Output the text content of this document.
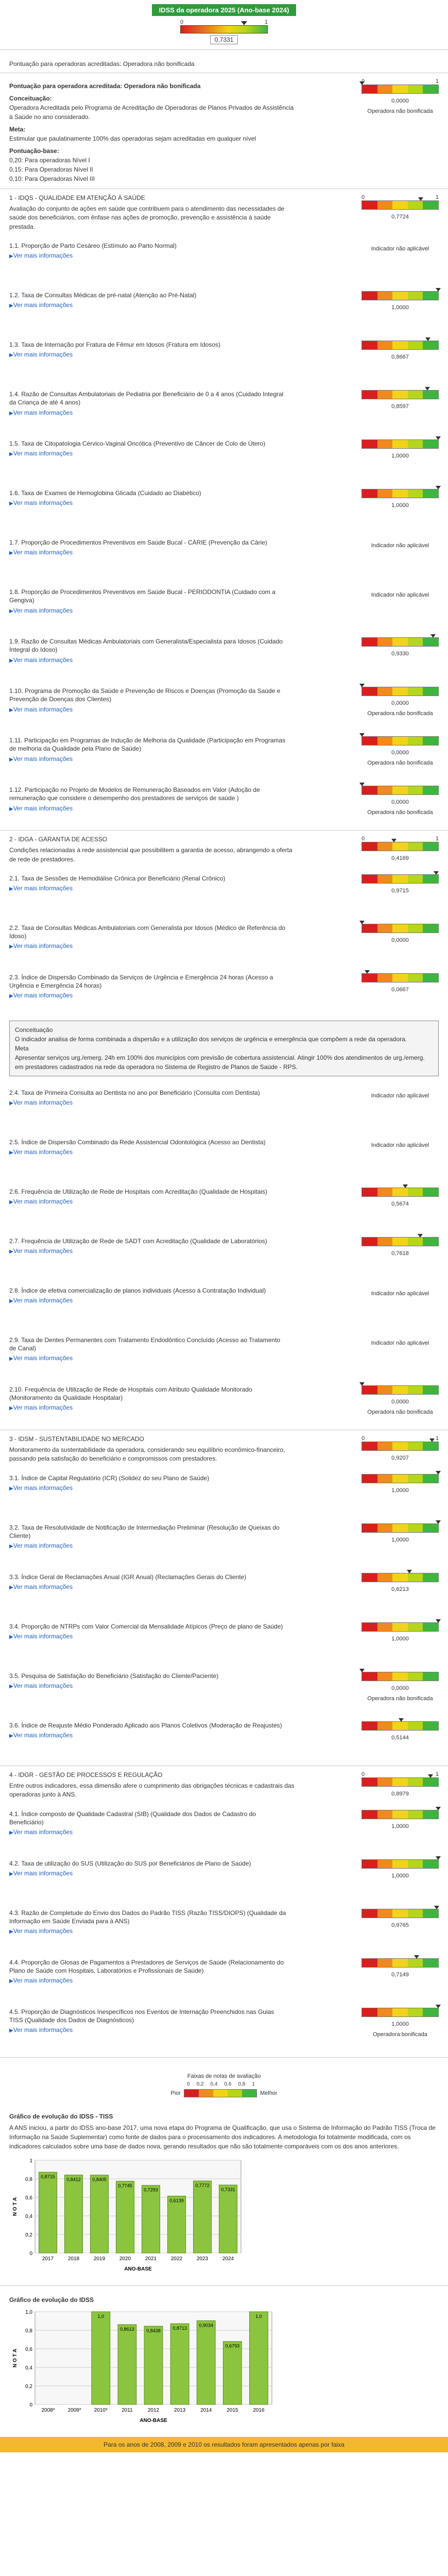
IDSS da operadora 2025 (Ano-base 2024)
0	1
0,7331
Pontuação para operadoras acreditadas: Operadora não bonificada
Pontuação para operadora acreditada: Operadora não bonificada
Conceituação:
Operadora Acreditada pelo Programa de Acreditação de Operadoras de Planos Privados de Assistência à Saúde no ano considerado.
Meta:
Estimular que paulatinamente 100% das operadoras sejam acreditadas em qualquer nível
Pontuação-base:
0,20: Para operadoras Nível I
0,15: Para Operadoras Nível II
0,10: Para Operadoras Nível III
0	1
0,0000
Operadora não bonificada
1 - IDQS - QUALIDADE EM ATENÇÃO À SAÚDE
Avaliação do conjunto de ações em saúde que contribuem para o atendimento das necessidades de saúde dos beneficiários, com ênfase nas ações de promoção, prevenção e assistência à saúde prestada.
0	1
0,7724
1.1. Proporção de Parto Cesáreo (Estímulo ao Parto Normal)
▶ Ver mais informações
Indicador não aplicável
1.2. Taxa de Consultas Médicas de pré-natal (Atenção ao Pré-Natal)
▶ Ver mais informações	1,0000
1.3. Taxa de Internação por Fratura de Fêmur em Idosos (Fratura em Idosos)
▶ Ver mais informações	0,8667
1.4. Razão de Consultas Ambulatoriais de Pediatria por Beneficiário de 0 a 4 anos (Cuidado Integral da Criança de até 4 anos)
▶ Ver mais informações
0,8597
1.5. Taxa de Citopatologia Cérvico-Vaginal Oncótica (Preventivo de Câncer de Colo de Útero)
▶ Ver mais informações	1,0000
1.6. Taxa de Exames de Hemoglobina Glicada (Cuidado ao Diabético)
▶ Ver mais informações	1,0000
1.7. Proporção de Procedimentos Preventivos em Saúde Bucal - CÁRIE (Prevenção da Cárie)
▶ Ver mais informações
Indicador não aplicável
1.8. Proporção de Procedimentos Preventivos em Saúde Bucal - PERIODONTIA (Cuidado com a Gengiva)
▶ Ver mais informações
Indicador não aplicável
1.9. Razão de Consultas Médicas Ambulatoriais com Generalista/Especialista para Idosos (Cuidado Integral do Idoso)
▶ Ver mais informações
0,9330
1.10. Programa de Promoção da Saúde e Prevenção de Riscos e Doenças (Promoção da Saúde e Prevenção de Doenças dos Clientes)
▶ Ver mais informações
0,0000
Operadora não bonificada
1.11. Participação em Programas de Indução de Melhoria da Qualidade (Participação em Programas de melhoria da Qualidade pela Plano de Saúde)
▶ Ver mais informações
0,0000
Operadora não bonificada
1.12. Participação no Projeto de Modelos de Remuneração Baseados em Valor (Adoção de remuneração que considere o desempenho dos prestadores de serviços de saúde )
▶ Ver mais informações
0,0000
Operadora não bonificada
2 - IDGA - GARANTIA DE ACESSO
Condições relacionadas à rede assistencial que possibilitem a garantia de acesso, abrangendo a oferta de rede de prestadores.
0	1
0,4169
2.1. Taxa de Sessões de Hemodiálise Crônica por Beneficiário (Renal Crônico)
▶ Ver mais informações	0,9715
2.2. Taxa de Consultas Médicas Ambulatoriais com Generalista por Idosos (Médico de Referência do Idoso)
▶ Ver mais informações
0,0000
2.3. Índice de Dispersão Combinado da Serviços de Urgência e Emergência 24 horas (Acesso a Urgência e Emergência 24 horas)
▶ Ver mais informações
0,0667
Conceituação
O indicador analisa de forma combinada a dispersão e a utilização dos serviços de urgência e emergência que compõem a rede da operadora.
Meta
Apresentar serviços urg./emerg. 24h em 100% dos municípios com previsão de cobertura assistencial. Atingir 100% dos atendimentos de urg./emerg. em prestadores cadastrados na rede da operadora no Sistema de Registro de Planos de Saúde - RPS.
2.4. Taxa de Primeira Consulta ao Dentista no ano por Beneficiário (Consulta com Dentista)
▶ Ver mais informações
Indicador não aplicável
2.5. Índice de Dispersão Combinado da Rede Assistencial Odontológica (Acesso ao Dentista)
▶ Ver mais informações
Indicador não aplicável
2.6. Frequência de Utilização de Rede de Hospitais com Acreditação (Qualidade de Hospitais)
▶ Ver mais informações	0,5674
2.7. Frequência de Utilização de Rede de SADT com Acreditação (Qualidade de Laboratórios)
▶ Ver mais informações	0,7618
2.8. Índice de efetiva comercialização de planos individuais (Acesso à Contratação Individual)
▶ Ver mais informações
Indicador não aplicável
2.9. Taxa de Dentes Permanentes com Tratamento Endodôntico Concluído (Acesso ao Tratamento de Canal)
▶ Ver mais informações
Indicador não aplicável
2.10. Frequência de Utilização de Rede de Hospitais com Atributo Qualidade Monitorado (Monitoramento da Qualidade Hospitalar)
▶ Ver mais informações
0,0000
Operadora não bonificada
3 - IDSM - SUSTENTABILIDADE NO MERCADO
Monitoramento da sustentabilidade da operadora, considerando seu equilíbrio econômico-financeiro, passando pela satisfação do beneficiário e compromissos com prestadores.
0	1
0,9207
3.1. Índice de Capital Regulatório (ICR) (Solidez do seu Plano de Saúde)
▶ Ver mais informações	1,0000
3.2. Taxa de Resolutividade de Notificação de Intermediação Preliminar (Resolução de Queixas do Cliente)
▶ Ver mais informações
1,0000
3.3. Índice Geral de Reclamações Anual (IGR Anual) (Reclamações Gerais do Cliente)
▶ Ver mais informações	0,6213
3.4. Proporção de NTRPs com Valor Comercial da Mensalidade Atípicos (Preço de plano de Saúde)
▶ Ver mais informações	1,0000
3.5. Pesquisa de Satisfação do Beneficiário (Satisfação do Cliente/Paciente)
▶ Ver mais informações	0,0000
Operadora não bonificada
3.6. Índice de Reajuste Médio Ponderado Aplicado aos Planos Coletivos (Moderação de Reajustes)
▶ Ver mais informações	0,5144
4 - IDGR - GESTÃO DE PROCESSOS E REGULAÇÃO
Entre outros indicadores, essa dimensão afere o cumprimento das obrigações técnicas e cadastrais das operadoras junto à ANS.
0	1
0,8979
4.1. Índice composto de Qualidade Cadastral (SIB) (Qualidade dos Dados de Cadastro do Beneficiário)
▶ Ver mais informações
1,0000
4.2. Taxa de utilização do SUS (Utilização do SUS por Beneficiários de Plano de Saúde)
▶ Ver mais informações	1,0000
4.3. Razão de Completude do Envio dos Dados do Padrão TISS (Razão TISS/DIOPS) (Qualidade da Informação em Saúde Enviada para à ANS)
▶ Ver mais informações
0,9765
4.4. Proporção de Glosas de Pagamentos a Prestadores de Serviços de Saúde (Relacionamento do Plano de Saúde com Hospitais, Laboratórios e Profissionais de Saúde)
▶ Ver mais informações
0,7149
4.5. Proporção de Diagnósticos Inespecíficos nos Eventos de Internação Preenchidos nas Guias TISS (Qualidade dos Dados de Diagnósticos)
▶ Ver mais informações
1,0000
Operadora bonificada
Faixas de notas de avaliação
0 0,2 0,4 0,6 0,8 1
Pior	Melhor
Gráfico de evolução do IDSS - TISS
A ANS iniciou, a partir do IDSS ano-base 2017, uma nova etapa do Programa de Qualificação, que usa o Sistema de Informação do Padrão TISS (Troca de Informação na Saúde Suplementar) como fonte de dados para o processamento dos indicadores. A metodologia foi totalmente modificada, com os indicadores calculados sobre uma base de dados nova, gerando resultados que não são totalmente comparáveis com os dos anos anteriores.
0
0,2
0,4
0,6
0,8
1
0,8715
2017
0,8412
2018
0,8405
2019
0,7745
2020
0,7293
2021
0,6139
2022
0,7772
2023
0,7331
2024
ANO-BASE
N O T A
Gráfico de evolução do IDSS
0
0,2
0,4
0,6
0,8
1,0
2008* 2009*
1,0
2010*
0,8613
2011
0,8438
2012
0,8713
2013
0,9034
2014
0,6793
2015
1,0
2016
ANO-BASE
N O T A
Para os anos de 2008, 2009 e 2010 os resultados foram apresentados apenas por faixa
